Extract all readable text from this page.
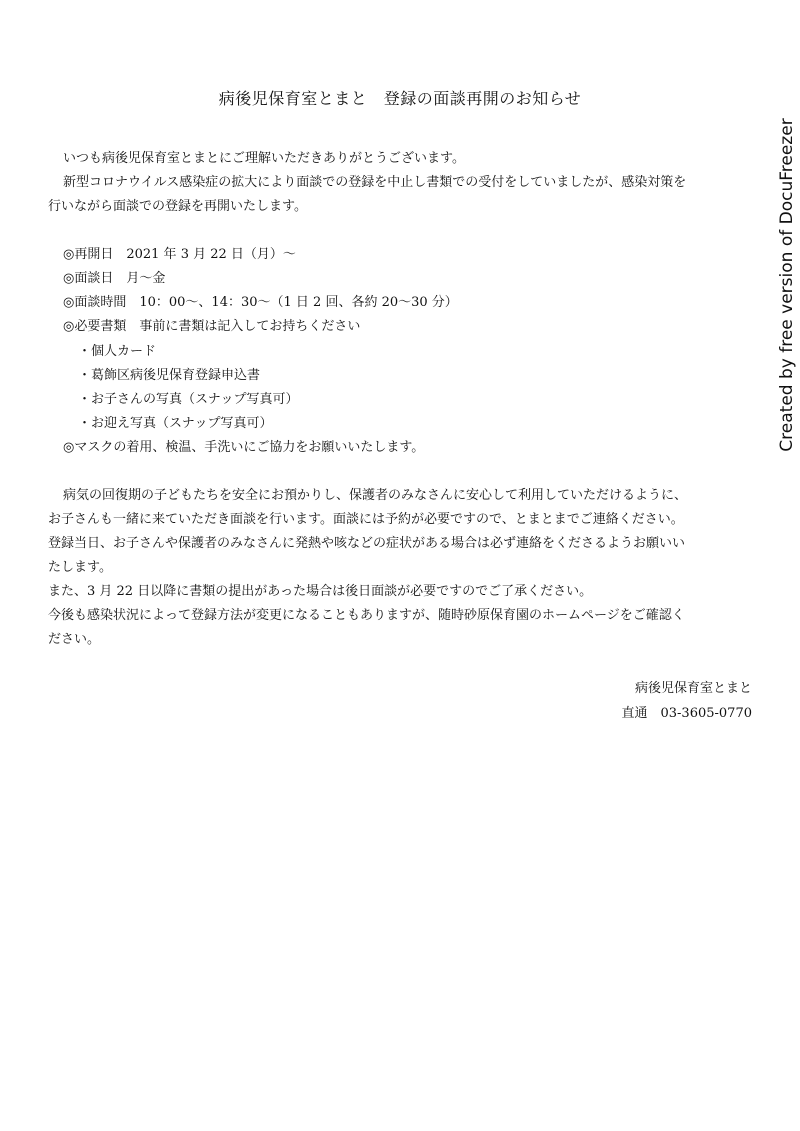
病後児保育室とまと　登録の面談再開のお知らせ
いつも病後児保育室とまとにご理解いただきありがとうございます。
新型コロナウイルス感染症の拡大により面談での登録を中止し書類での受付をしていましたが、感染対策を
行いながら面談での登録を再開いたします。
◎再開日　2021 年 3 月 22 日（月）～
◎面談日　月～金
◎面談時間　10：00～、14：30～（1 日 2 回、各約 20～30 分）
◎必要書類　事前に書類は記入してお持ちください
・個人カード
・葛飾区病後児保育登録申込書
・お子さんの写真（スナップ写真可）
・お迎え写真（スナップ写真可）
◎マスクの着用、検温、手洗いにご協力をお願いいたします。
病気の回復期の子どもたちを安全にお預かりし、保護者のみなさんに安心して利用していただけるように、
お子さんも一緒に来ていただき面談を行います。面談には予約が必要ですので、とまとまでご連絡ください。
登録当日、お子さんや保護者のみなさんに発熱や咳などの症状がある場合は必ず連絡をくださるようお願いい
たします。
また、3 月 22 日以降に書類の提出があった場合は後日面談が必要ですのでご了承ください。
今後も感染状況によって登録方法が変更になることもありますが、随時砂原保育園のホームページをご確認く
ださい。
病後児保育室とまと
直通　03-3605-0770
Created by free version of DocuFreezer
